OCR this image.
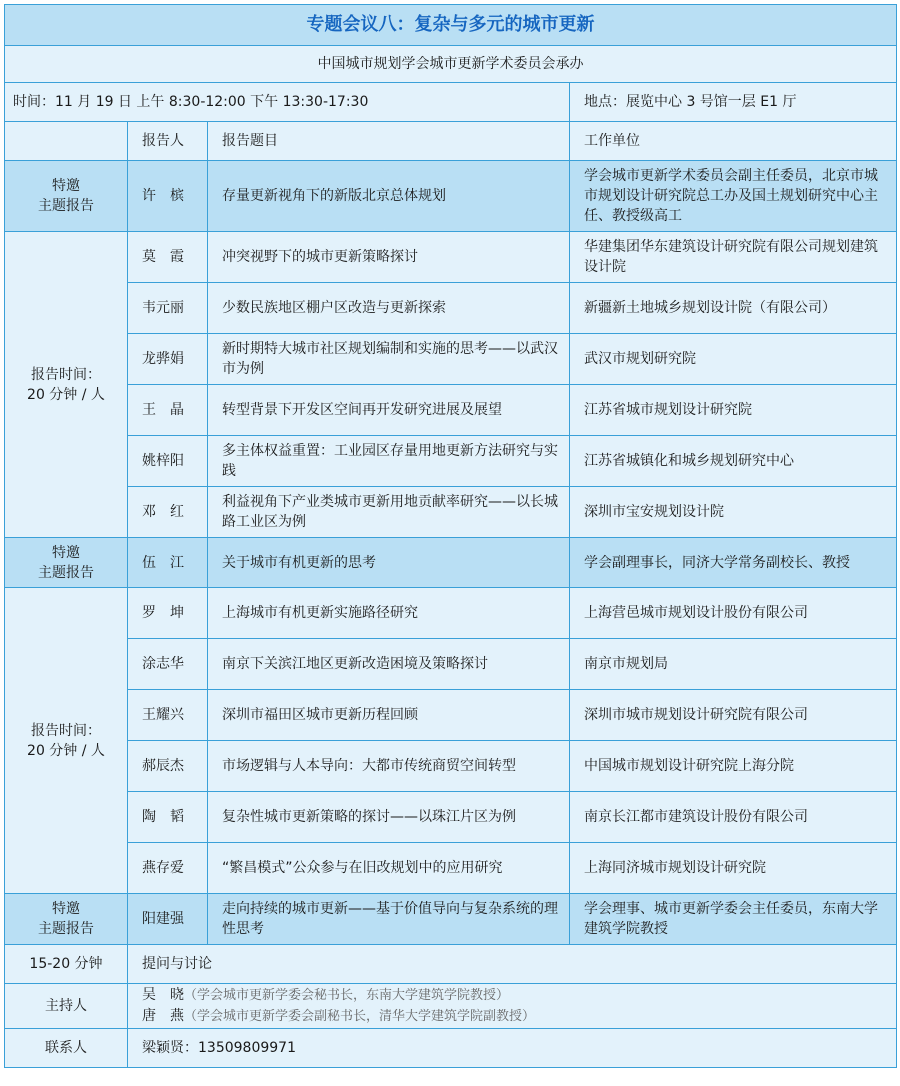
专题会议八：复杂与多元的城市更新			
中国城市规划学会城市更新学术委员会承办			
时间：11 月 19 日 上午 8:30-12:00 下午 13:30-17:30			地点：展览中心 3 号馆一层 E1 厅
	报告人	报告题目	工作单位

特邀
主题报告	许　槟	存量更新视角下的新版北京总体规划	学会城市更新学术委员会副主任委员，北京市城市规划设计研究院总工办及国土规划研究中心主任、教授级高工

报告时间：
20 分钟 / 人	莫　霞	冲突视野下的城市更新策略探讨	华建集团华东建筑设计研究院有限公司规划建筑设计院
	韦元丽	少数民族地区棚户区改造与更新探索	新疆新土地城乡规划设计院（有限公司）
	龙骅娟	新时期特大城市社区规划编制和实施的思考——以武汉市为例	武汉市规划研究院
	王　晶	转型背景下开发区空间再开发研究进展及展望	江苏省城市规划设计研究院
	姚梓阳	多主体权益重置：工业园区存量用地更新方法研究与实践	江苏省城镇化和城乡规划研究中心
	邓　红	利益视角下产业类城市更新用地贡献率研究——以长城路工业区为例	深圳市宝安规划设计院

特邀
主题报告	伍　江	关于城市有机更新的思考	学会副理事长，同济大学常务副校长、教授

报告时间：
20 分钟 / 人	罗　坤	上海城市有机更新实施路径研究	上海营邑城市规划设计股份有限公司
	涂志华	南京下关滨江地区更新改造困境及策略探讨	南京市规划局
	王耀兴	深圳市福田区城市更新历程回顾	深圳市城市规划设计研究院有限公司
	郝辰杰	市场逻辑与人本导向：大都市传统商贸空间转型	中国城市规划设计研究院上海分院
	陶　韬	复杂性城市更新策略的探讨——以珠江片区为例	南京长江都市建筑设计股份有限公司
	燕存爱	“繁昌模式”公众参与在旧改规划中的应用研究	上海同济城市规划设计研究院

特邀
主题报告	阳建强	走向持续的城市更新——基于价值导向与复杂系统的理性思考	学会理事、城市更新学委会主任委员，东南大学建筑学院教授
15-20 分钟	提问与讨论		
主持人	吴　晓（学会城市更新学委会秘书长，东南大学建筑学院教授）
唐　燕（学会城市更新学委会副秘书长，清华大学建筑学院副教授）		

联系人	梁颖贤：13509809971		
